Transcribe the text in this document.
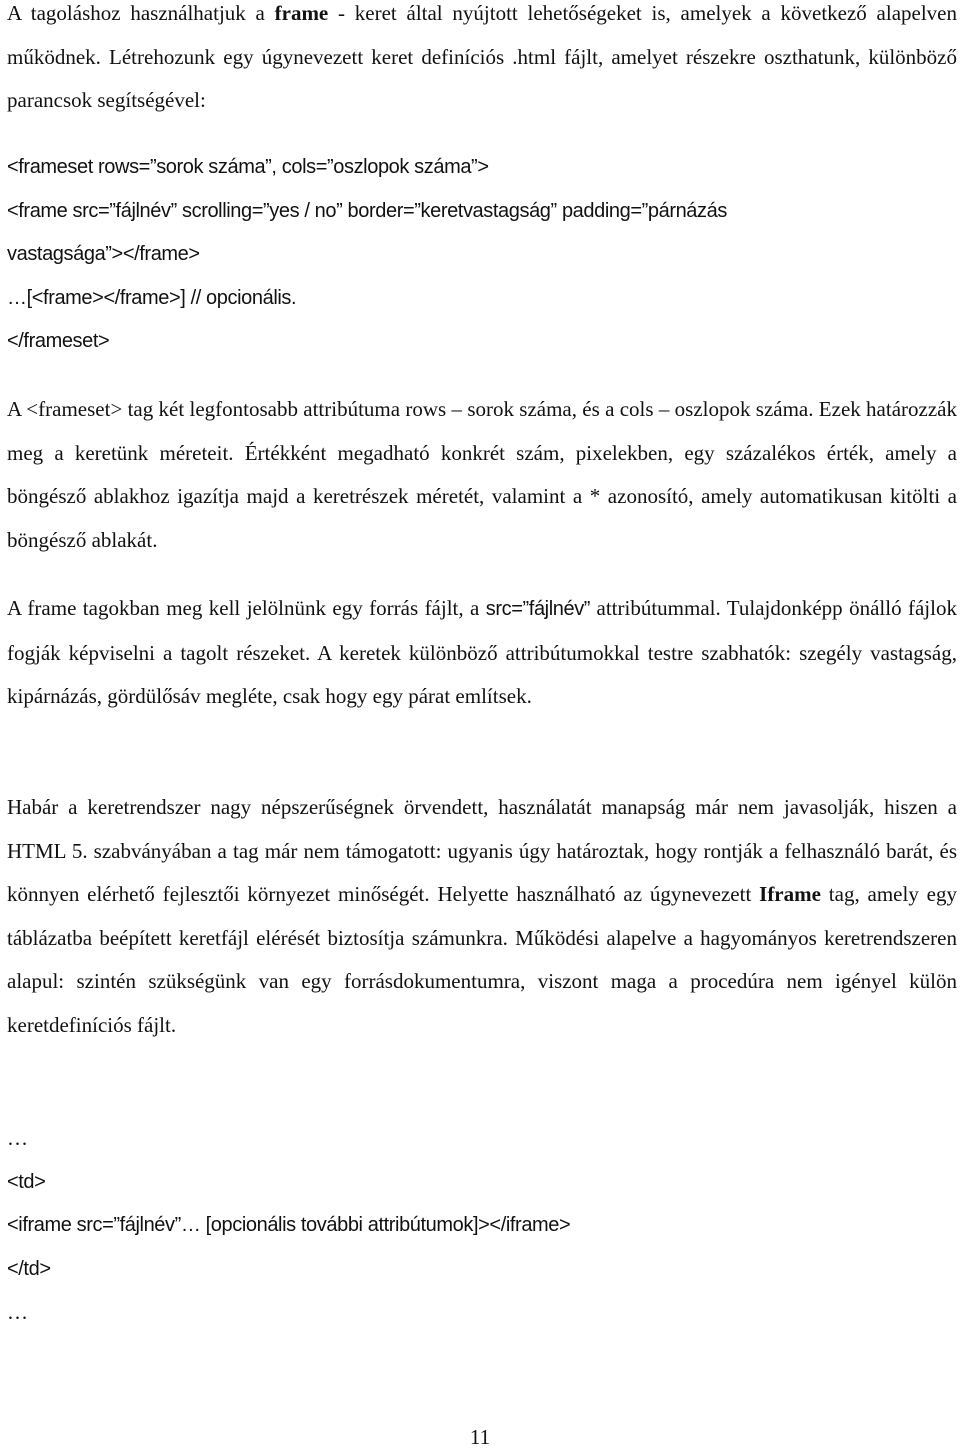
A tagoláshoz használhatjuk a frame - keret által nyújtott lehetőségeket is, amelyek a következő alapelven működnek. Létrehozunk egy úgynevezett keret definíciós .html fájlt, amelyet részekre oszthatunk, különböző parancsok segítségével:

<frameset rows=”sorok száma”, cols=”oszlopok száma”>

<frame src=”fájlnév” scrolling=”yes / no” border=”keretvastagság” padding=”párnázás

vastagsága”></frame>

…[<frame></frame>] // opcionális.

</frameset>

A <frameset> tag két legfontosabb attribútuma rows – sorok száma, és a cols – oszlopok száma. Ezek határozzák meg a keretünk méreteit. Értékként megadható konkrét szám, pixelekben, egy százalékos érték, amely a böngésző ablakhoz igazítja majd a keretrészek méretét, valamint a * azonosító, amely automatikusan kitölti a böngésző ablakát.

A frame tagokban meg kell jelölnünk egy forrás fájlt, a src=”fájlnév” attribútummal. Tulajdonképp önálló fájlok fogják képviselni a tagolt részeket. A keretek különböző attribútumokkal testre szabhatók: szegély vastagság, kipárnázás, gördülősáv megléte, csak hogy egy párat említsek.

Habár a keretrendszer nagy népszerűségnek örvendett, használatát manapság már nem javasolják, hiszen a HTML 5. szabványában a tag már nem támogatott: ugyanis úgy határoztak, hogy rontják a felhasználó barát, és könnyen elérhető fejlesztői környezet minőségét. Helyette használható az úgynevezett Iframe tag, amely egy táblázatba beépített keretfájl elérését biztosítja számunkra. Működési alapelve a hagyományos keretrendszeren alapul: szintén szükségünk van egy forrásdokumentumra, viszont maga a procedúra nem igényel külön keretdefiníciós fájlt.

…

<td>

<iframe src=”fájlnév”… [opcionális további attribútumok]></iframe>

</td>

…

11
